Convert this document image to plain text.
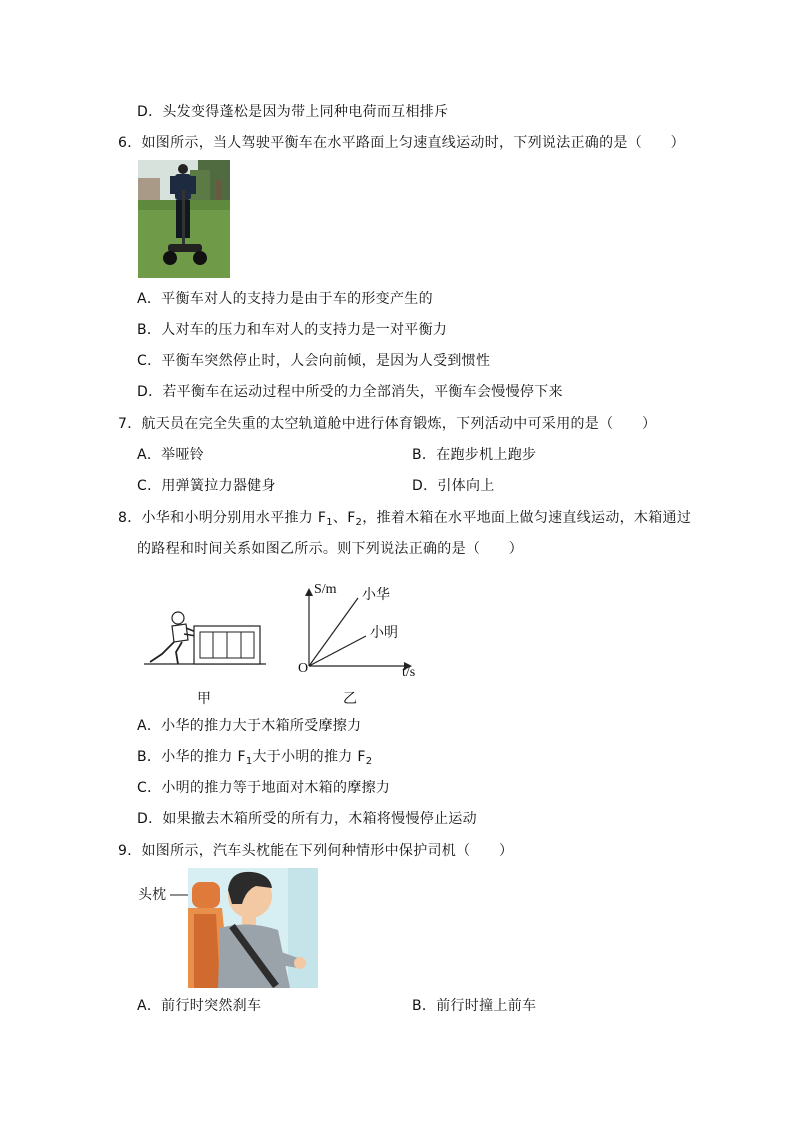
D．头发变得蓬松是因为带上同种电荷而互相排斥
6．如图所示，当人驾驶平衡车在水平路面上匀速直线运动时，下列说法正确的是（　　）
A．平衡车对人的支持力是由于车的形变产生的
B．人对车的压力和车对人的支持力是一对平衡力
C．平衡车突然停止时，人会向前倾，是因为人受到惯性
D．若平衡车在运动过程中所受的力全部消失，平衡车会慢慢停下来
7．航天员在完全失重的太空轨道舱中进行体育锻炼，下列活动中可采用的是（　　）
A．举哑铃	B．在跑步机上跑步
C．用弹簧拉力器健身	D．引体向上
8．小华和小明分别用水平推力 $F_1$、$F_2$，推着木箱在水平地面上做匀速直线运动，木箱通过
的路程和时间关系如图乙所示。则下列说法正确的是（　　）
甲
S/m
t/s
O
小华
小明
乙
A．小华的推力大于木箱所受摩擦力
B．小华的推力 $F_1$大于小明的推力 $F_2$
C．小明的推力等于地面对木箱的摩擦力
D．如果撤去木箱所受的所有力，木箱将慢慢停止运动
9．如图所示，汽车头枕能在下列何种情形中保护司机（　　）
头枕
A．前行时突然刹车	B．前行时撞上前车
